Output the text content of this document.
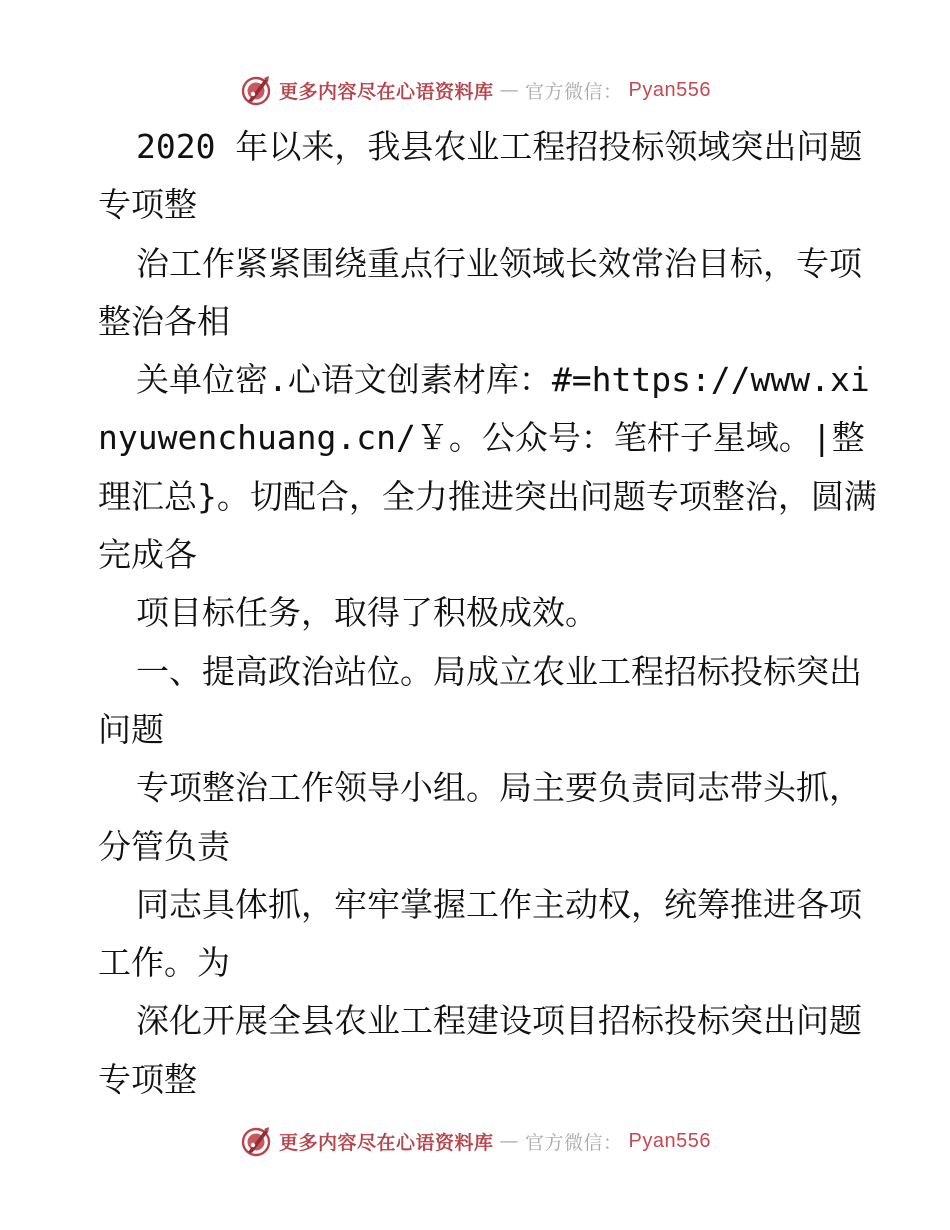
更多内容尽在心语资料库 — 官方微信： Pyan556

2020 年以来，我县农业工程招投标领域突出问题专项整

治工作紧紧围绕重点行业领域长效常治目标，专项整治各相

关单位密.心语文创素材库：#=https://www.xinyuwenchuang.cn/￥。公众号：笔杆子星域。|整理汇总}。切配合，全力推进突出问题专项整治，圆满完成各

项目标任务，取得了积极成效。

一、提高政治站位。局成立农业工程招标投标突出问题

专项整治工作领导小组。局主要负责同志带头抓，分管负责

同志具体抓，牢牢掌握工作主动权，统筹推进各项工作。为

深化开展全县农业工程建设项目招标投标突出问题专项整

更多内容尽在心语资料库 — 官方微信： Pyan556
